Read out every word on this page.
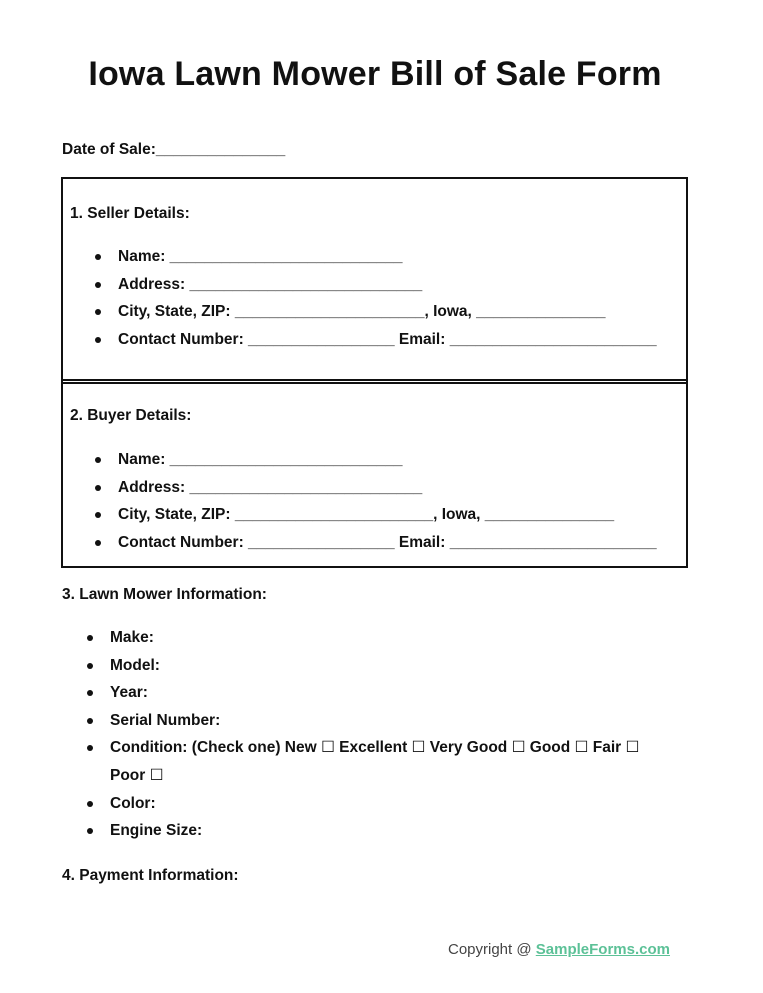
Iowa Lawn Mower Bill of Sale Form
Date of Sale:_______________
1. Seller Details:
Name: ___________________________
Address: ___________________________
City, State, ZIP: ______________________, Iowa, _______________
Contact Number: _________________ Email: ________________________
2. Buyer Details:
Name: ___________________________
Address: ___________________________
City, State, ZIP: _______________________, Iowa, _______________
Contact Number: _________________ Email: ________________________
3. Lawn Mower Information:
Make:
Model:
Year:
Serial Number:
Condition: (Check one) New ☐ Excellent ☐ Very Good ☐ Good ☐ Fair ☐ Poor ☐
Color:
Engine Size:
4. Payment Information:
Copyright @ SampleForms.com
